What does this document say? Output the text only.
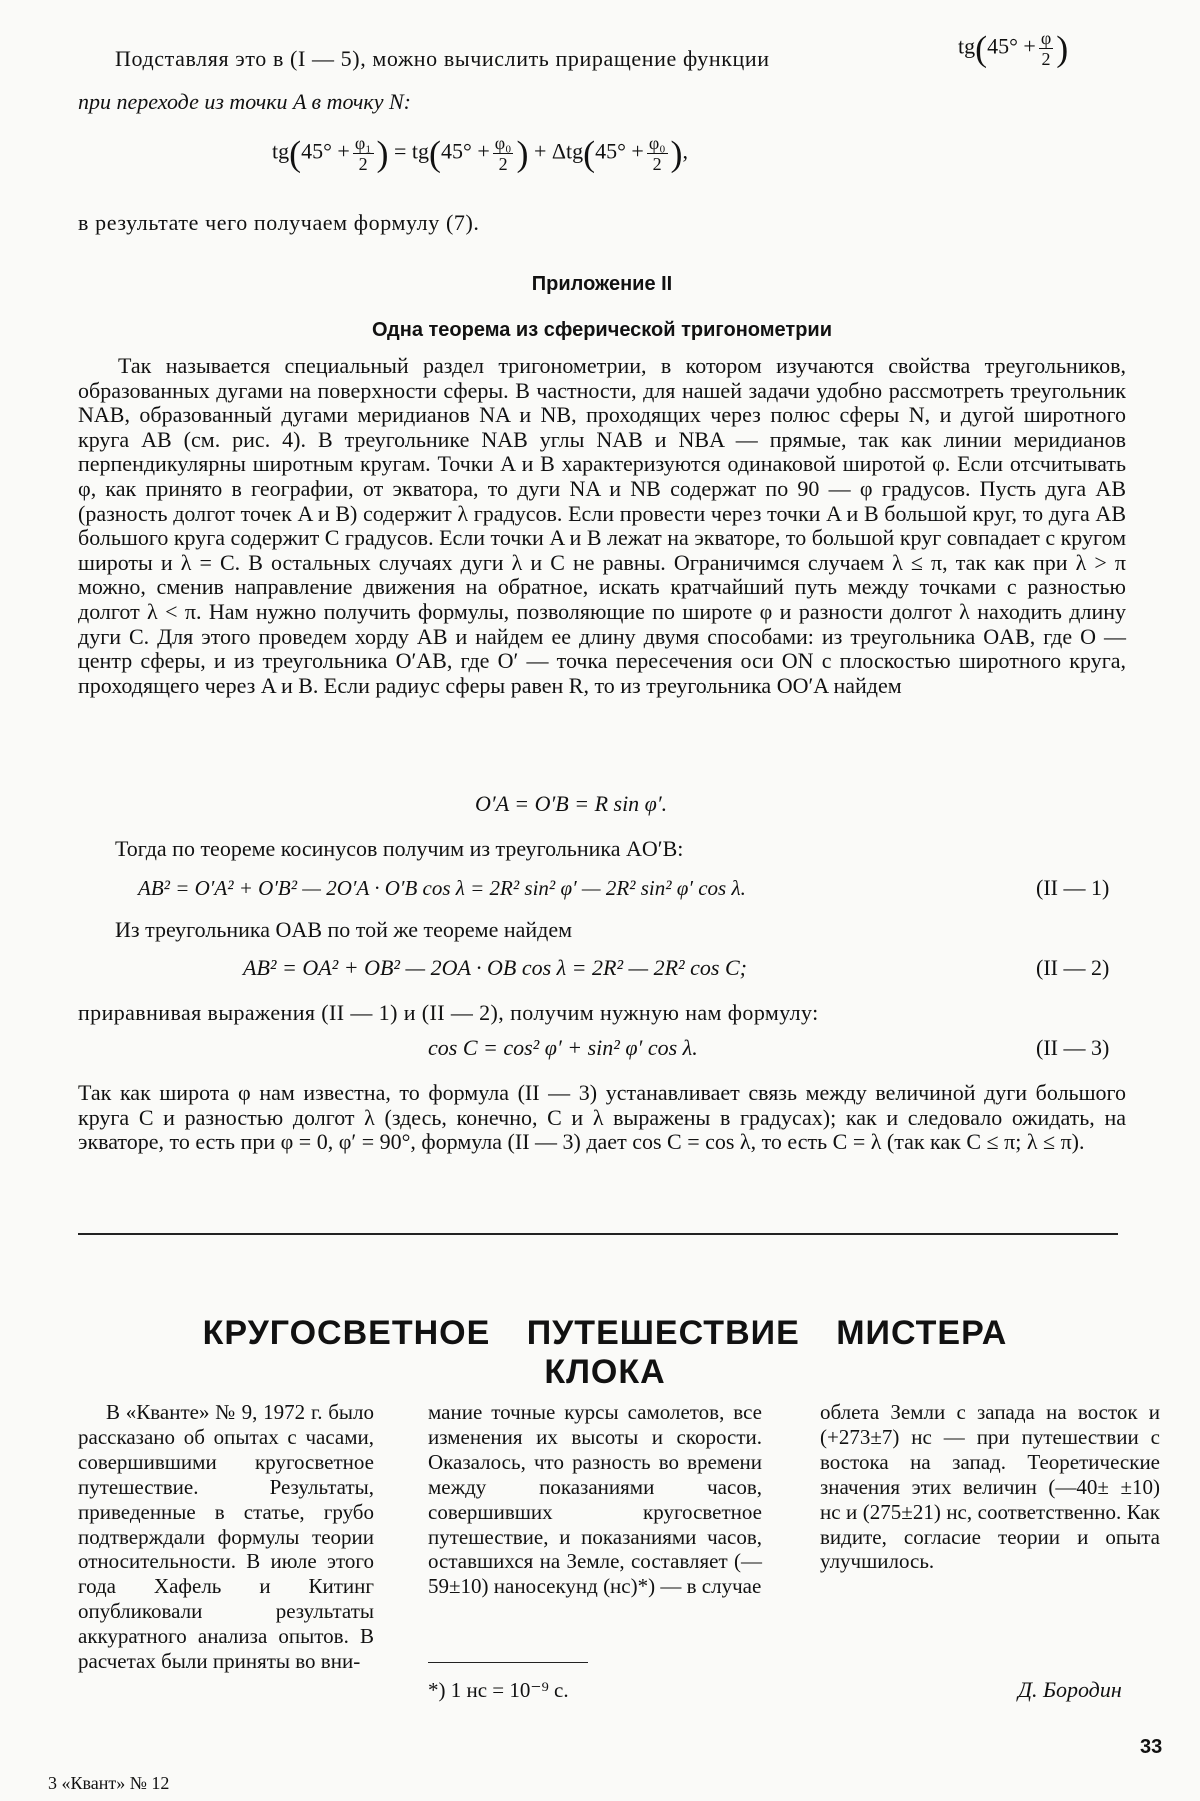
Подставляя это в (I — 5), можно вычислить приращение функции	$tg(45^\circ + \frac{\varphi}{2}$ )

при переходе из точки A в точку N:

$tg(45^\circ + \frac{\text{φ₁}}{2}$ ) = $tg(45^\circ + \frac{\text{φ₀}}{2}$ ) + $\Delta tg(45^\circ + \frac{\text{φ₀}}{2}$ ),

в результате чего получаем формулу (7).

Приложение II

Одна теорема из сферической тригонометрии

Так называется специальный раздел тригонометрии, в котором изучаются свойства треугольников, образованных дугами на поверхности сферы. В частности, для нашей задачи удобно рассмотреть треугольник NAB, образованный дугами меридианов NA и NB, проходящих через полюс сферы N, и дугой широтного круга AB (см. рис. 4). В треугольнике NAB углы NAB и NBA — прямые, так как линии меридианов перпендикулярны широтным кругам. Точки A и B характеризуются одинаковой широтой φ. Если отсчитывать φ, как принято в географии, от экватора, то дуги NA и NB содержат по 90 — φ градусов. Пусть дуга AB (разность долгот точек A и B) содержит λ градусов. Если провести через точки A и B большой круг, то дуга AB большого круга содержит C градусов. Если точки A и B лежат на экваторе, то большой круг совпадает с кругом широты и λ = C. В остальных случаях дуги λ и C не равны. Ограничимся случаем λ ≤ π, так как при λ > π можно, сменив направление движения на обратное, искать кратчайший путь между точками с разностью долгот λ < π. Нам нужно получить формулы, позволяющие по широте φ и разности долгот λ находить длину дуги C. Для этого проведем хорду AB и найдем ее длину двумя способами: из треугольника OAB, где O — центр сферы, и из треугольника O′AB, где O′ — точка пересечения оси ON с плоскостью широтного круга, проходящего через A и B. Если радиус сферы равен R, то из треугольника OO′A найдем

O′A = O′B = R sin φ′.

Тогда по теореме косинусов получим из треугольника AO′B:

AB² = O′A² + O′B² — 2O′A · O′B cos λ = 2R² sin² φ′ — 2R² sin² φ′ cos λ.	(II — 1)

Из треугольника OAB по той же теореме найдем

AB² = OA² + OB² — 2OA · OB cos λ = 2R² — 2R² cos C;	(II — 2)

приравнивая выражения (II — 1) и (II — 2), получим нужную нам формулу:

cos C = cos² φ′ + sin² φ′ cos λ.	(II — 3)

Так как широта φ нам известна, то формула (II — 3) устанавливает связь между величиной дуги большого круга C и разностью долгот λ (здесь, конечно, C и λ выражены в градусах); как и следовало ожидать, на экваторе, то есть при φ = 0, φ′ = 90°, формула (II — 3) дает cos C = cos λ, то есть C = λ (так как C ≤ π; λ ≤ π).

КРУГОСВЕТНОЕ ПУТЕШЕСТВИЕ МИСТЕРА КЛОКА
В «Кванте» № 9, 1972 г. было рассказано об опытах с часами, совершившими кругосветное путешествие. Результаты, приведенные в статье, грубо подтверждали формулы теории относительности. В июле этого года Хафель и Китинг опубликовали результаты аккуратного анализа опытов. В расчетах были приняты во вни-
мание точные курсы самолетов, все изменения их высоты и скорости. Оказалось, что разность во времени между показаниями часов, совершивших кругосветное путешествие, и показаниями часов, оставшихся на Земле, составляет (—59±10) наносекунд (нс)*) — в случае
облета Земли с запада на восток и (+273±7) нс — при путешествии с востока на запад. Теоретические значения этих величин (—40± ±10) нс и (275±21) нс, соответственно. Как видите, согласие теории и опыта улучшилось.
*) 1 нс = 10⁻⁹ с.	Д. Бородин
3 «Квант» № 12
33
